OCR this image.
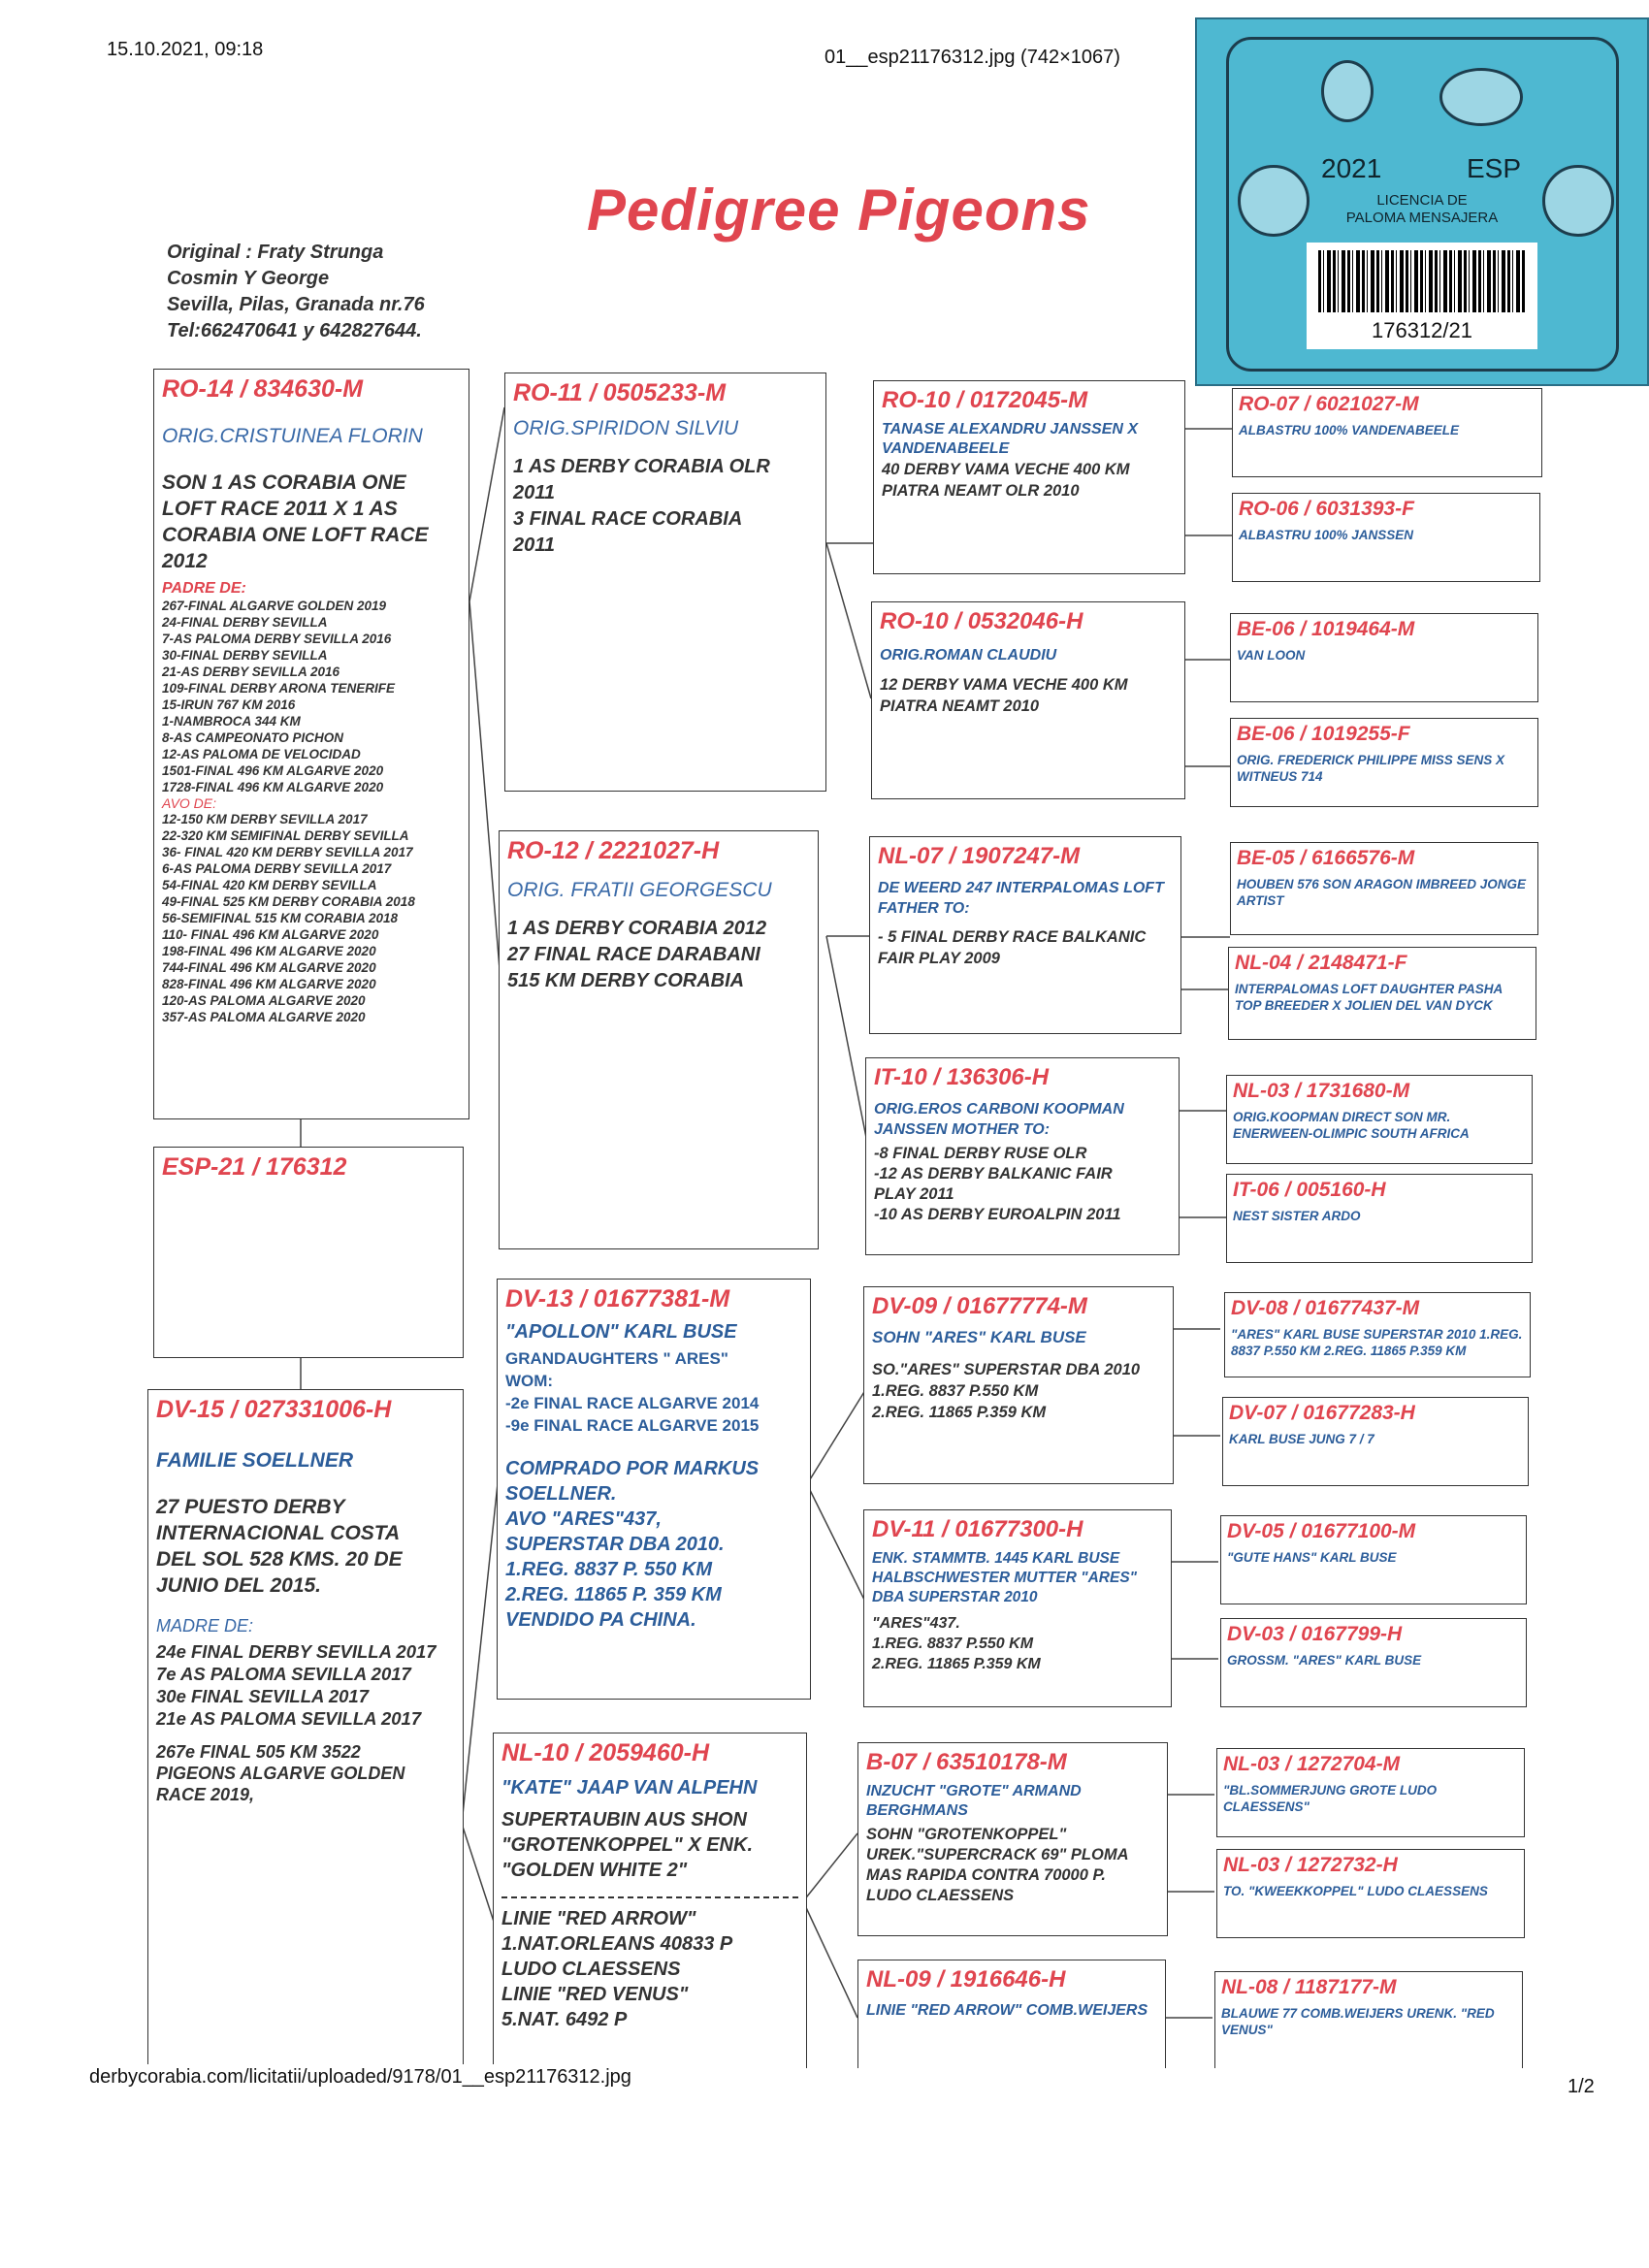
15.10.2021, 09:18	01__esp21176312.jpg (742×1067)
Pedigree Pigeons
Original : Fraty Strunga
Cosmin Y George
Sevilla, Pilas, Granada nr.76
Tel:662470641 y 642827644.
2021	ESP
LICENCIA DE
PALOMA MENSAJERA
176312/21
RO-14 / 834630-M
ORIG.CRISTUINEA FLORIN
SON 1 AS CORABIA ONE
LOFT RACE 2011 X 1 AS
CORABIA ONE LOFT RACE
2012
PADRE DE:
267-FINAL ALGARVE GOLDEN 2019
24-FINAL DERBY SEVILLA
7-AS PALOMA DERBY SEVILLA 2016
30-FINAL DERBY SEVILLA
21-AS DERBY SEVILLA 2016
109-FINAL DERBY ARONA TENERIFE
15-IRUN 767 KM 2016
1-NAMBROCA 344 KM
8-AS CAMPEONATO PICHON
12-AS PALOMA DE VELOCIDAD
1501-FINAL 496 KM ALGARVE 2020
1728-FINAL 496 KM ALGARVE 2020
AVO DE:
12-150 KM DERBY SEVILLA 2017
22-320 KM SEMIFINAL DERBY SEVILLA
36- FINAL 420 KM DERBY SEVILLA 2017
6-AS PALOMA DERBY SEVILLA 2017
54-FINAL 420 KM DERBY SEVILLA
49-FINAL 525 KM DERBY CORABIA 2018
56-SEMIFINAL 515 KM CORABIA 2018
110- FINAL 496 KM ALGARVE 2020
198-FINAL 496 KM ALGARVE 2020
744-FINAL 496 KM ALGARVE 2020
828-FINAL 496 KM ALGARVE 2020
120-AS PALOMA ALGARVE 2020
357-AS PALOMA ALGARVE 2020
ESP-21 / 176312
DV-15 / 027331006-H
FAMILIE SOELLNER
27 PUESTO DERBY
INTERNACIONAL COSTA
DEL SOL 528 KMS. 20 DE
JUNIO DEL 2015.
MADRE DE:
24e FINAL DERBY SEVILLA 2017
7e AS PALOMA SEVILLA 2017
30e FINAL SEVILLA 2017
21e AS PALOMA SEVILLA 2017
267e FINAL 505 KM 3522
PIGEONS ALGARVE GOLDEN
RACE 2019,
RO-11 / 0505233-M
ORIG.SPIRIDON SILVIU
1 AS DERBY CORABIA OLR
2011
3 FINAL RACE CORABIA
2011
RO-12 / 2221027-H
ORIG. FRATII GEORGESCU
1 AS DERBY CORABIA 2012
27 FINAL RACE DARABANI
515 KM DERBY CORABIA
DV-13 / 01677381-M
"APOLLON" KARL BUSE
GRANDAUGHTERS " ARES"
WOM:
-2e FINAL RACE ALGARVE 2014
-9e FINAL RACE ALGARVE 2015
COMPRADO POR MARKUS
SOELLNER.
AVO "ARES"437,
SUPERSTAR DBA 2010.
1.REG. 8837 P. 550 KM
2.REG. 11865 P. 359 KM
VENDIDO PA CHINA.
NL-10 / 2059460-H
"KATE" JAAP VAN ALPEHN
SUPERTAUBIN AUS SHON
"GROTENKOPPEL" X ENK.
"GOLDEN WHITE 2"
LINIE "RED ARROW"
1.NAT.ORLEANS 40833 P
LUDO CLAESSENS
LINIE "RED VENUS"
5.NAT. 6492 P
RO-10 / 0172045-M
TANASE ALEXANDRU JANSSEN X VANDENABEELE
40 DERBY VAMA VECHE 400 KM
PIATRA NEAMT OLR 2010
RO-10 / 0532046-H
ORIG.ROMAN CLAUDIU
12 DERBY VAMA VECHE 400 KM
PIATRA NEAMT 2010
NL-07 / 1907247-M
DE WEERD 247 INTERPALOMAS LOFT FATHER TO:
- 5 FINAL DERBY RACE BALKANIC
FAIR PLAY 2009
IT-10 / 136306-H
ORIG.EROS CARBONI KOOPMAN JANSSEN MOTHER TO:
-8 FINAL DERBY RUSE OLR
-12 AS DERBY BALKANIC FAIR
PLAY 2011
-10 AS DERBY EUROALPIN 2011
DV-09 / 01677774-M
SOHN "ARES" KARL BUSE
SO."ARES" SUPERSTAR DBA 2010
1.REG. 8837 P.550 KM
2.REG. 11865 P.359 KM
DV-11 / 01677300-H
ENK. STAMMTB. 1445 KARL BUSE HALBSCHWESTER MUTTER "ARES" DBA SUPERSTAR 2010
"ARES"437.
1.REG. 8837 P.550 KM
2.REG. 11865 P.359 KM
B-07 / 63510178-M
INZUCHT "GROTE" ARMAND BERGHMANS
SOHN "GROTENKOPPEL"
UREK."SUPERCRACK 69" PLOMA
MAS RAPIDA CONTRA 70000 P.
LUDO CLAESSENS
NL-09 / 1916646-H
LINIE "RED ARROW" COMB.WEIJERS
RO-07 / 6021027-M
ALBASTRU 100% VANDENABEELE
RO-06 / 6031393-F
ALBASTRU 100% JANSSEN
BE-06 / 1019464-M
VAN LOON
BE-06 / 1019255-F
ORIG. FREDERICK PHILIPPE MISS SENS X WITNEUS 714
BE-05 / 6166576-M
HOUBEN 576 SON ARAGON IMBREED JONGE ARTIST
NL-04 / 2148471-F
INTERPALOMAS LOFT DAUGHTER PASHA TOP BREEDER X JOLIEN DEL VAN DYCK
NL-03 / 1731680-M
ORIG.KOOPMAN DIRECT SON MR. ENERWEEN-OLIMPIC SOUTH AFRICA
IT-06 / 005160-H
NEST SISTER ARDO
DV-08 / 01677437-M
"ARES" KARL BUSE SUPERSTAR 2010 1.REG. 8837 P.550 KM 2.REG. 11865 P.359 KM
DV-07 / 01677283-H
KARL BUSE JUNG 7 / 7
DV-05 / 01677100-M
"GUTE HANS" KARL BUSE
DV-03 / 0167799-H
GROSSM. "ARES" KARL BUSE
NL-03 / 1272704-M
"BL.SOMMERJUNG GROTE LUDO CLAESSENS"
NL-03 / 1272732-H
TO. "KWEEKKOPPEL" LUDO CLAESSENS
NL-08 / 1187177-M
BLAUWE 77 COMB.WEIJERS URENK. "RED VENUS"
derbycorabia.com/licitatii/uploaded/9178/01__esp21176312.jpg	1/2
